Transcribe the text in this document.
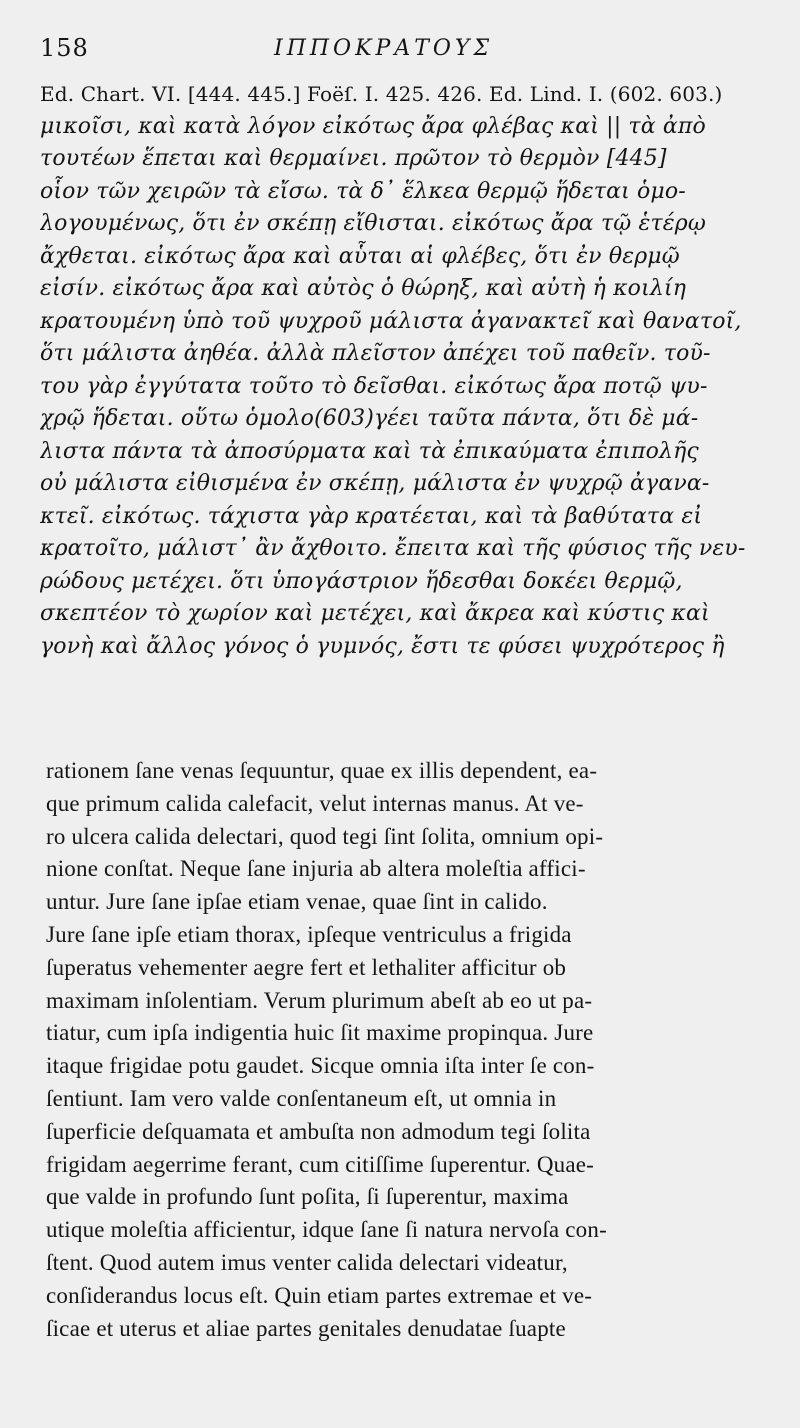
158	ΙΠΠΟΚΡΑΤΟΥΣ
Ed. Chart. VI. [444. 445.] Foëſ. I. 425. 426. Ed. Lind. I. (602. 603.)
μικοῖσι, καὶ κατὰ λόγον εἰκότως ἄρα φλέβας καὶ || τὰ ἀπὸ
τουτέων ἕπεται καὶ θερμαίνει. πρῶτον τὸ θερμὸν [445]
οἷον τῶν χειρῶν τὰ εἴσω. τὰ δ᾽ ἕλκεα θερμῷ ἥδεται ὁμο-
λογουμένως, ὅτι ἐν σκέπῃ εἴθισται. εἰκότως ἄρα τῷ ἑτέρῳ
ἄχθεται. εἰκότως ἄρα καὶ αὗται αἱ φλέβες, ὅτι ἐν θερμῷ
εἰσίν. εἰκότως ἄρα καὶ αὐτὸς ὁ θώρηξ, καὶ αὐτὴ ἡ κοιλίη
κρατουμένη ὑπὸ τοῦ ψυχροῦ μάλιστα ἀγανακτεῖ καὶ θανατοῖ,
ὅτι μάλιστα ἀηθέα. ἀλλὰ πλεῖστον ἀπέχει τοῦ παθεῖν. τοῦ-
του γὰρ ἐγγύτατα τοῦτο τὸ δεῖσθαι. εἰκότως ἄρα ποτῷ ψυ-
χρῷ ἥδεται. οὕτω ὁμολο(603)γέει ταῦτα πάντα, ὅτι δὲ μά-
λιστα πάντα τὰ ἀποσύρματα καὶ τὰ ἐπικαύματα ἐπιπολῆς
οὐ μάλιστα εἰθισμένα ἐν σκέπῃ, μάλιστα ἐν ψυχρῷ ἀγανα-
κτεῖ. εἰκότως. τάχιστα γὰρ κρατέεται, καὶ τὰ βαθύτατα εἰ
κρατοῖτο, μάλιστ᾽ ἂν ἄχθοιτο. ἔπειτα καὶ τῆς φύσιος τῆς νευ-
ρώδους μετέχει. ὅτι ὑπογάστριον ἥδεσθαι δοκέει θερμῷ,
σκεπτέον τὸ χωρίον καὶ μετέχει, καὶ ἄκρεα καὶ κύστις καὶ
γονὴ καὶ ἄλλος γόνος ὁ γυμνός, ἔστι τε φύσει ψυχρότερος ἢ
rationem ſane venas ſequuntur, quae ex illis dependent, ea-
que primum calida calefacit, velut internas manus. At ve-
ro ulcera calida delectari, quod tegi ſint ſolita, omnium opi-
nione conſtat. Neque ſane injuria ab altera moleſtia affici-
untur. Jure ſane ipſae etiam venae, quae ſint in calido.
Jure ſane ipſe etiam thorax, ipſeque ventriculus a frigida
ſuperatus vehementer aegre fert et lethaliter afficitur ob
maximam inſolentiam. Verum plurimum abeſt ab eo ut pa-
tiatur, cum ipſa indigentia huic ſit maxime propinqua. Jure
itaque frigidae potu gaudet. Sicque omnia iſta inter ſe con-
ſentiunt. Iam vero valde conſentaneum eſt, ut omnia in
ſuperficie deſquamata et ambuſta non admodum tegi ſolita
frigidam aegerrime ferant, cum citiſſime ſuperentur. Quae-
que valde in profundo ſunt poſita, ſi ſuperentur, maxima
utique moleſtia afficientur, idque ſane ſi natura nervoſa con-
ſtent. Quod autem imus venter calida delectari videatur,
conſiderandus locus eſt. Quin etiam partes extremae et ve-
ſicae et uterus et aliae partes genitales denudatae ſuapte
